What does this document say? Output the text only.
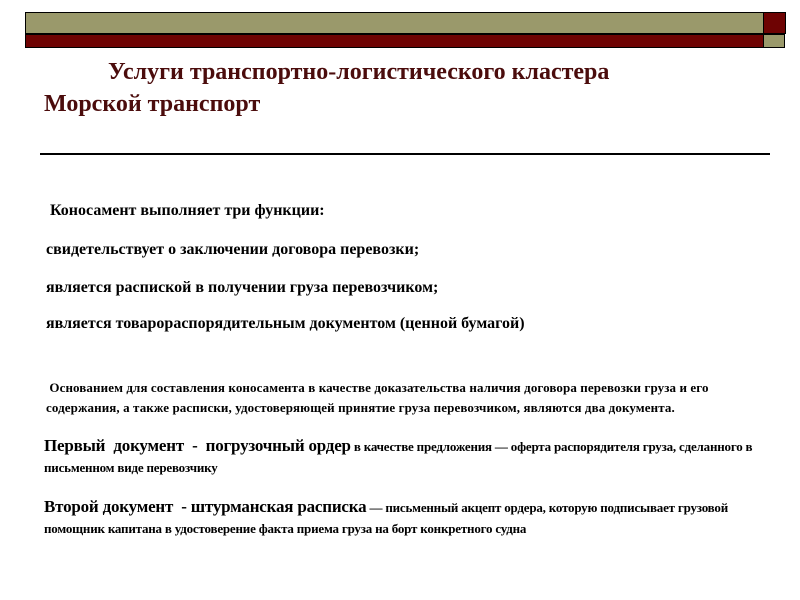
Услуги транспортно-логистического кластера
Морской транспорт

Коносамент выполняет три функции:

свидетельствует о заключении договора перевозки;

является распиской в получении груза перевозчиком;

является товарораспорядительным документом (ценной бумагой)

Основанием для составления коносамента в качестве доказательства наличия договора перевозки груза и его содержания, а также расписки, удостоверяющей принятие груза перевозчиком, являются два документа.

Первый  документ  -  погрузочный ордер в качестве предложения — оферта распорядителя груза, сделанного в письменном виде перевозчику

Второй документ  - штурманская расписка — письменный акцепт ордера, которую подписывает грузовой помощник капитана в удостоверение факта приема груза на борт конкретного судна
